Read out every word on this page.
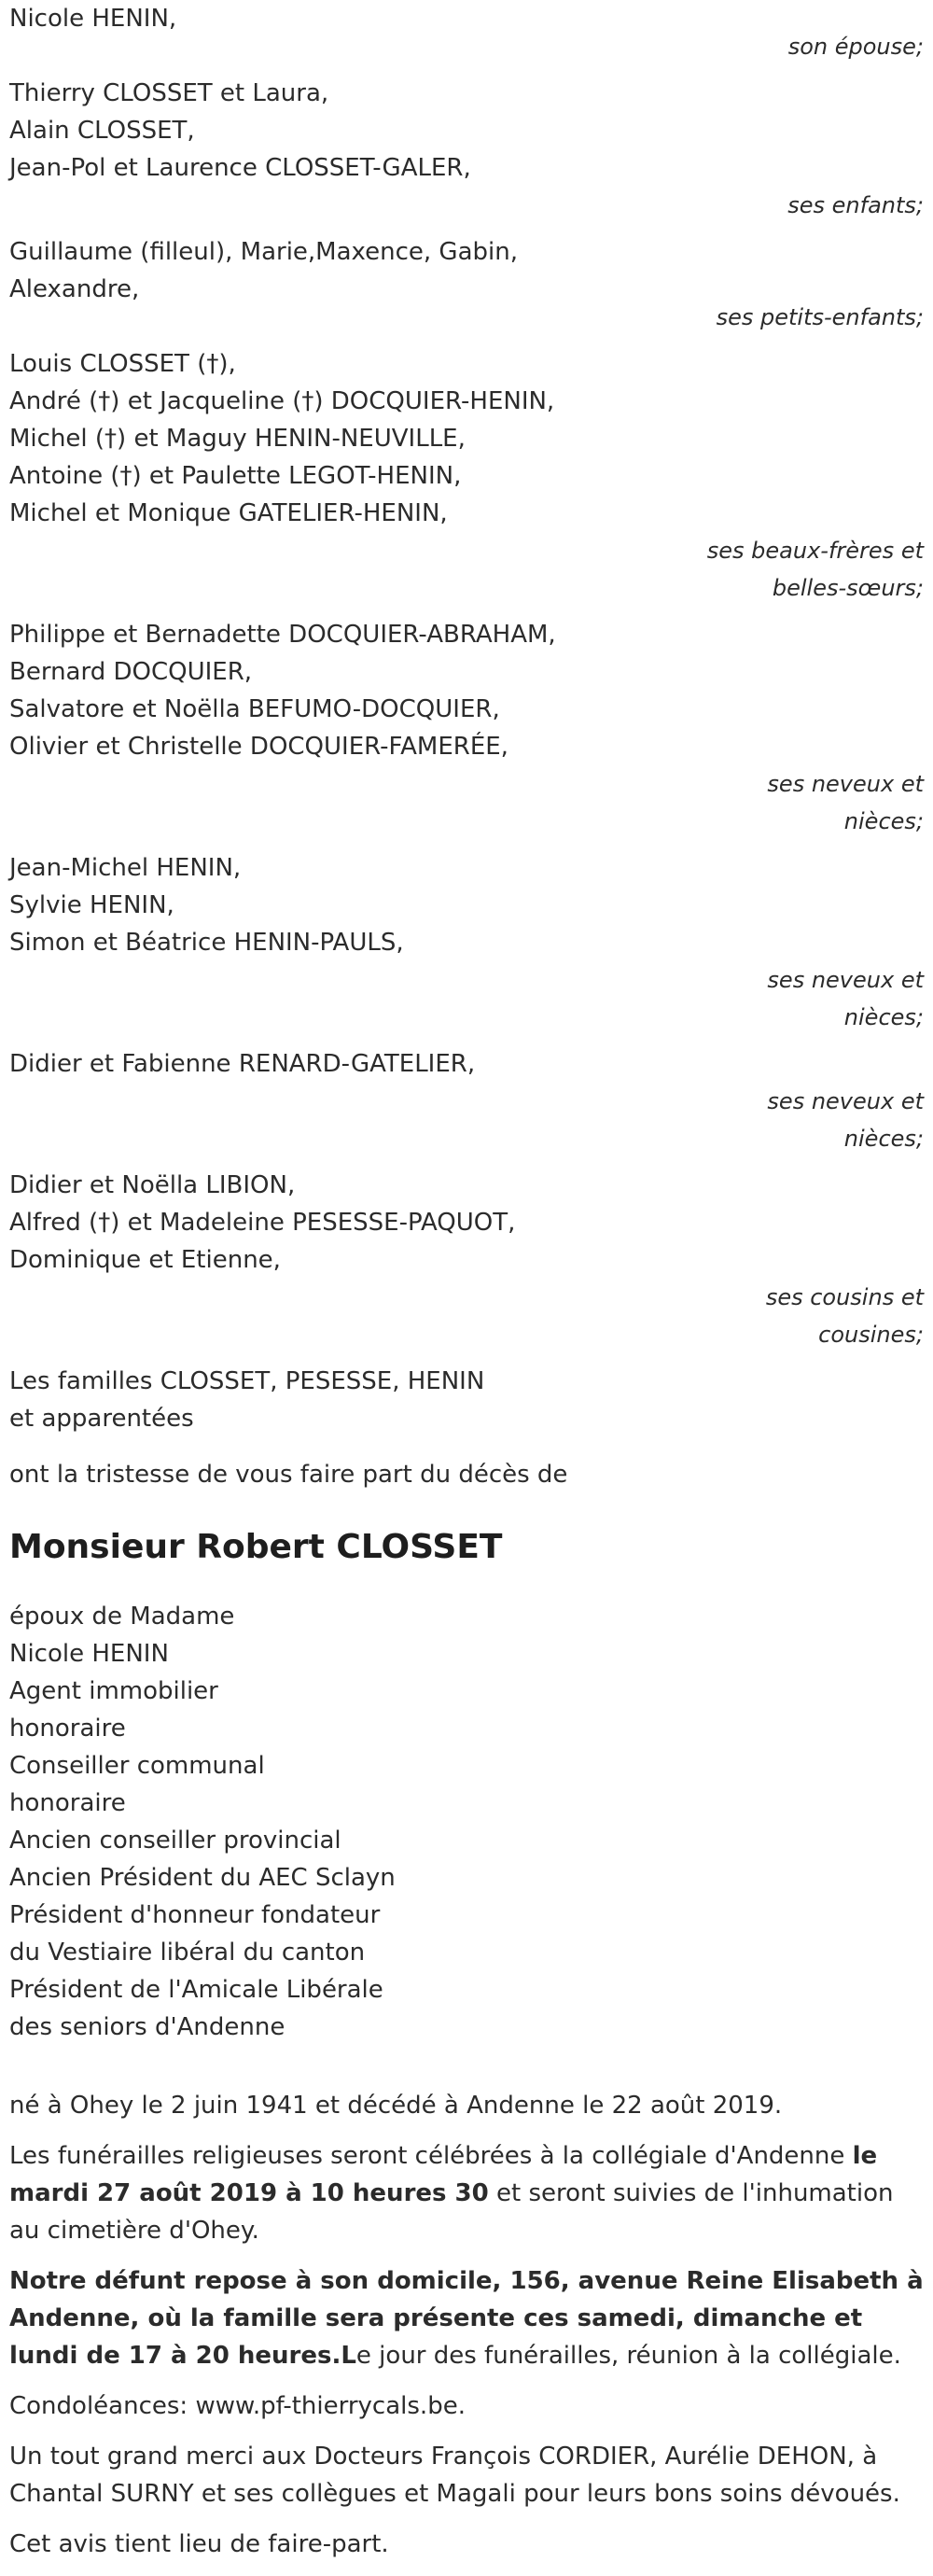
Nicole HENIN,
son épouse;
Thierry CLOSSET et Laura,
Alain CLOSSET,
Jean-Pol et Laurence CLOSSET-GALER,
ses enfants;
Guillaume (filleul), Marie,Maxence, Gabin,
Alexandre,
ses petits-enfants;
Louis CLOSSET (†),
André (†) et Jacqueline (†) DOCQUIER-HENIN,
Michel (†) et Maguy HENIN-NEUVILLE,
Antoine (†) et Paulette LEGOT-HENIN,
Michel et Monique GATELIER-HENIN,
ses beaux-frères et
belles-sœurs;
Philippe et Bernadette DOCQUIER-ABRAHAM,
Bernard DOCQUIER,
Salvatore et Noëlla BEFUMO-DOCQUIER,
Olivier et Christelle DOCQUIER-FAMERÉE,
ses neveux et
nièces;
Jean-Michel HENIN,
Sylvie HENIN,
Simon et Béatrice HENIN-PAULS,
ses neveux et
nièces;
Didier et Fabienne RENARD-GATELIER,
ses neveux et
nièces;
Didier et Noëlla LIBION,
Alfred (†) et Madeleine PESESSE-PAQUOT,
Dominique et Etienne,
ses cousins et
cousines;
Les familles CLOSSET, PESESSE, HENIN
et apparentées
ont la tristesse de vous faire part du décès de
Monsieur Robert CLOSSET
époux de Madame
Nicole HENIN
Agent immobilier
honoraire
Conseiller communal
honoraire
Ancien conseiller provincial
Ancien Président du AEC Sclayn
Président d'honneur fondateur
du Vestiaire libéral du canton
Président de l'Amicale Libérale
des seniors d'Andenne

né à Ohey le 2 juin 1941 et décédé à Andenne le 22 août 2019.

Les funérailles religieuses seront célébrées à la collégiale d'Andenne le mardi 27 août 2019 à 10 heures 30 et seront suivies de l'inhumation au cimetière d'Ohey.

Notre défunt repose à son domicile, 156, avenue Reine Elisabeth à Andenne, où la famille sera présente ces samedi, dimanche et lundi de 17 à 20 heures.Le jour des funérailles, réunion à la collégiale.

Condoléances: www.pf-thierrycals.be.

Un tout grand merci aux Docteurs François CORDIER, Aurélie DEHON, à Chantal SURNY et ses collègues et Magali pour leurs bons soins dévoués.

Cet avis tient lieu de faire-part.
